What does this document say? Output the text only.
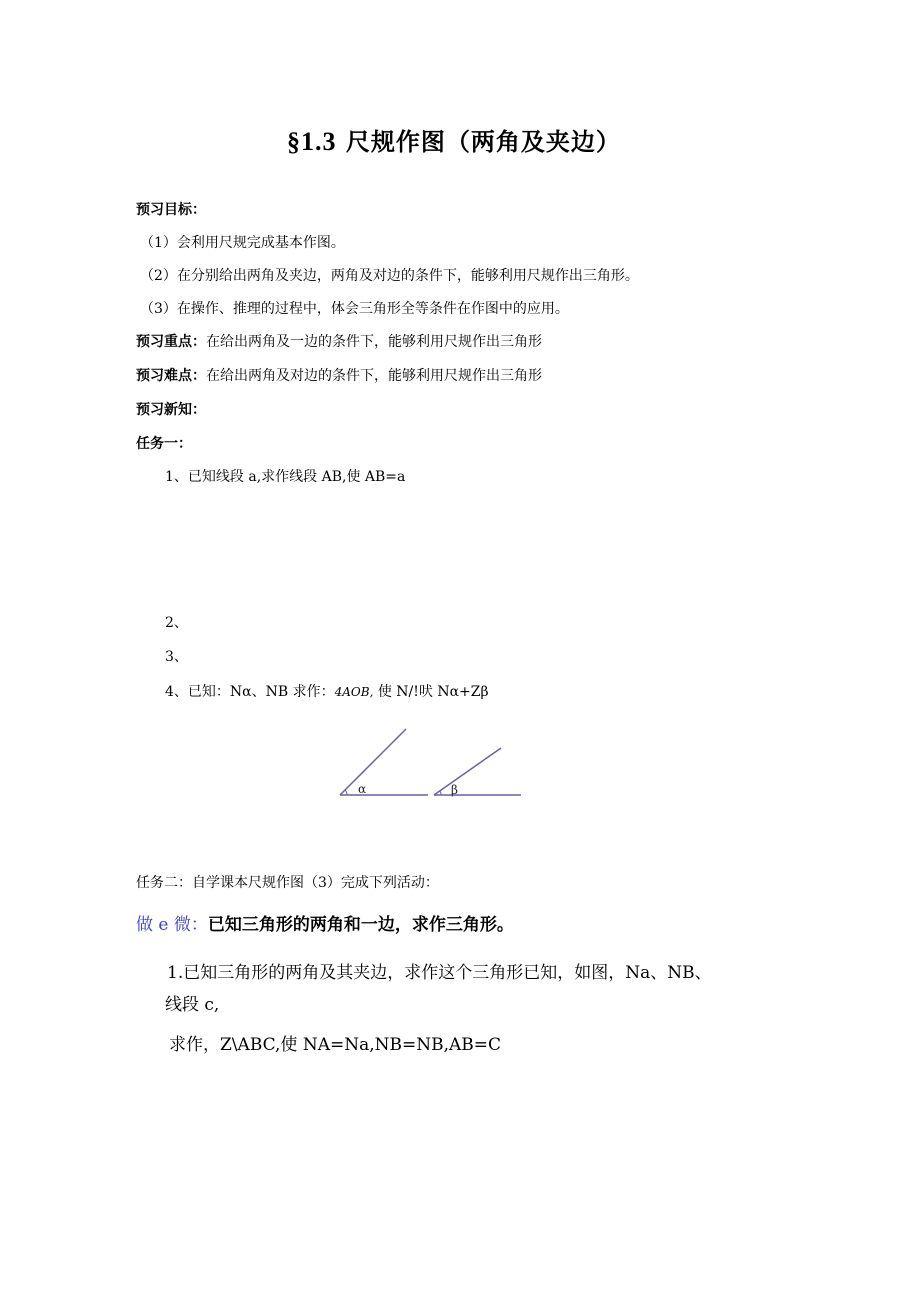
§1.3 尺规作图（两角及夹边）
预习目标：
（1）会利用尺规完成基本作图。
（2）在分别给出两角及夹边，两角及对边的条件下，能够利用尺规作出三角形。
（3）在操作、推理的过程中，体会三角形全等条件在作图中的应用。
预习重点：在给出两角及一边的条件下，能够利用尺规作出三角形
预习难点：在给出两角及对边的条件下，能够利用尺规作出三角形
预习新知：
任务一：
1、已知线段 a,求作线段 AB,使 AB=a
2、
3、
4、已知：Nα、NB 求作：4AOB, 使 N/!吠 Nα+Zβ
α	β
任务二：自学课本尺规作图（3）完成下列活动：
做 e 微：已知三角形的两角和一边，求作三角形。
1.已知三角形的两角及其夹边，求作这个三角形已知，如图，Na、NB、
线段 c,
求作，Z\ABC,使 NA=Na,NB=NB,AB=C
